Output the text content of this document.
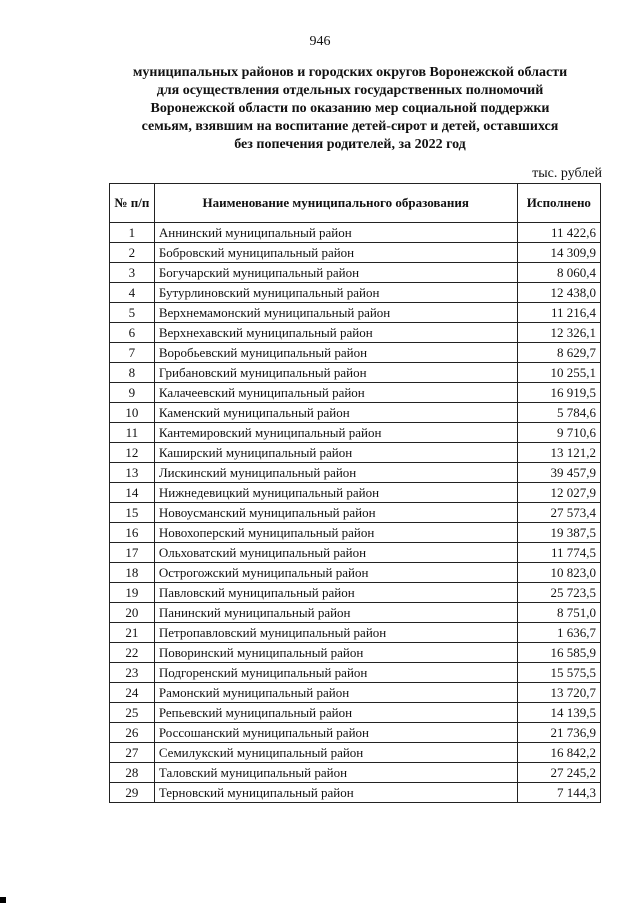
946
муниципальных районов и городских округов Воронежской области
для осуществления отдельных государственных полномочий
Воронежской области по оказанию мер социальной поддержки
семьям, взявшим на воспитание детей-сирот и детей, оставшихся
без попечения родителей, за 2022 год
тыс. рублей
№ п/п	Наименование муниципального образования	Исполнено
1	Аннинский муниципальный район	11 422,6
2	Бобровский муниципальный район	14 309,9
3	Богучарский муниципальный район	8 060,4
4	Бутурлиновский муниципальный район	12 438,0
5	Верхнемамонский муниципальный район	11 216,4
6	Верхнехавский муниципальный район	12 326,1
7	Воробьевский муниципальный район	8 629,7
8	Грибановский муниципальный район	10 255,1
9	Калачеевский муниципальный район	16 919,5
10	Каменский муниципальный район	5 784,6
11	Кантемировский муниципальный район	9 710,6
12	Каширский муниципальный район	13 121,2
13	Лискинский муниципальный район	39 457,9
14	Нижнедевицкий муниципальный район	12 027,9
15	Новоусманский муниципальный район	27 573,4
16	Новохоперский муниципальный район	19 387,5
17	Ольховатский муниципальный район	11 774,5
18	Острогожский муниципальный район	10 823,0
19	Павловский муниципальный район	25 723,5
20	Панинский муниципальный район	8 751,0
21	Петропавловский муниципальный район	1 636,7
22	Поворинский муниципальный район	16 585,9
23	Подгоренский муниципальный район	15 575,5
24	Рамонский муниципальный район	13 720,7
25	Репьевский муниципальный район	14 139,5
26	Россошанский муниципальный район	21 736,9
27	Семилукский муниципальный район	16 842,2
28	Таловский муниципальный район	27 245,2
29	Терновский муниципальный район	7 144,3
